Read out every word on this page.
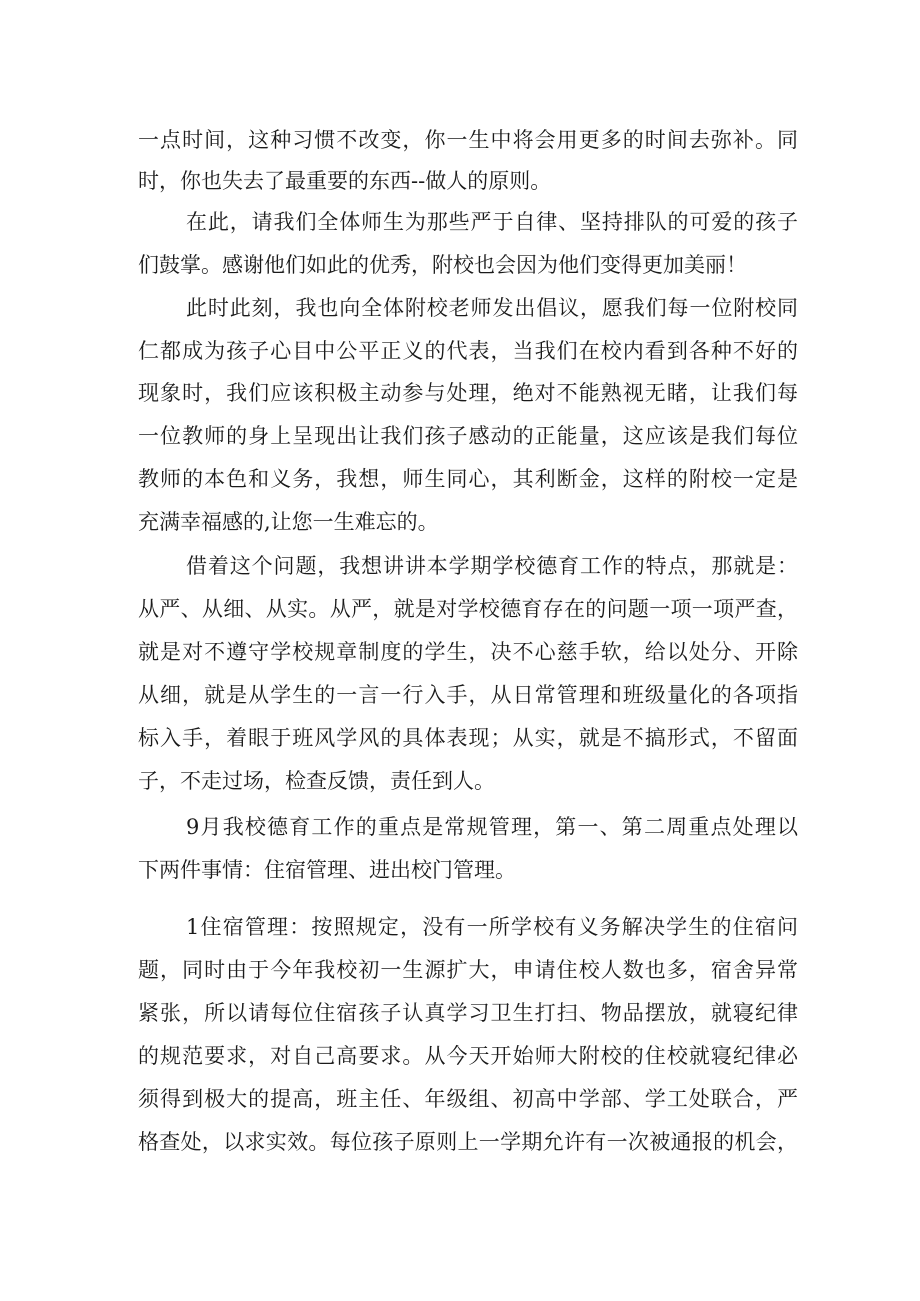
一点时间，这种习惯不改变，你一生中将会用更多的时间去弥补。同
时，你也失去了最重要的东西--做人的原则。
在此，请我们全体师生为那些严于自律、坚持排队的可爱的孩子
们鼓掌。感谢他们如此的优秀，附校也会因为他们变得更加美丽！
此时此刻，我也向全体附校老师发出倡议，愿我们每一位附校同
仁都成为孩子心目中公平正义的代表，当我们在校内看到各种不好的
现象时，我们应该积极主动参与处理，绝对不能熟视无睹，让我们每
一位教师的身上呈现出让我们孩子感动的正能量，这应该是我们每位
教师的本色和义务，我想，师生同心，其利断金，这样的附校一定是
充满幸福感的,让您一生难忘的。
借着这个问题，我想讲讲本学期学校德育工作的特点，那就是：
从严、从细、从实。从严，就是对学校德育存在的问题一项一项严查，
就是对不遵守学校规章制度的学生，决不心慈手软，给以处分、开除
从细，就是从学生的一言一行入手，从日常管理和班级量化的各项指
标入手，着眼于班风学风的具体表现；从实，就是不搞形式，不留面
子，不走过场，检查反馈，责任到人。
9月我校德育工作的重点是常规管理，第一、第二周重点处理以
下两件事情：住宿管理、进出校门管理。
1住宿管理：按照规定，没有一所学校有义务解决学生的住宿问
题，同时由于今年我校初一生源扩大，申请住校人数也多，宿舍异常
紧张，所以请每位住宿孩子认真学习卫生打扫、物品摆放，就寝纪律
的规范要求，对自己高要求。从今天开始师大附校的住校就寝纪律必
须得到极大的提高，班主任、年级组、初高中学部、学工处联合，严
格查处，以求实效。每位孩子原则上一学期允许有一次被通报的机会，
